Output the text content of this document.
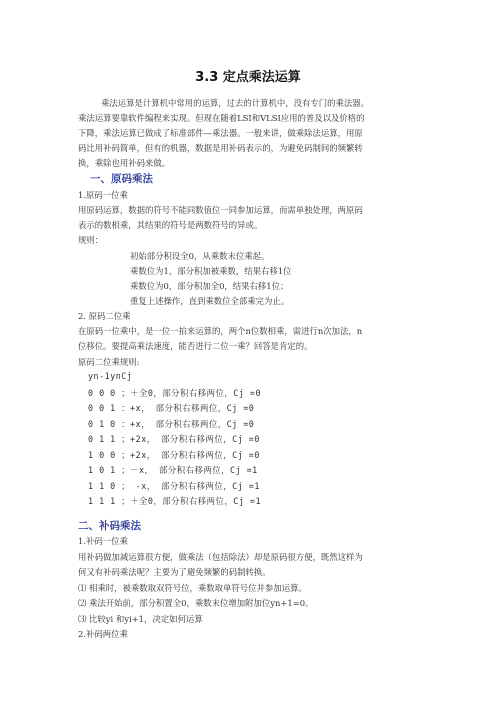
3.3 定点乘法运算
乘法运算是计算机中常用的运算，过去的计算机中，没有专门的乘法器。
乘法运算要靠软件编程来实现。但现在随着LSI和VLSI应用的普及以及价格的
下降，乘法运算已做成了标准部件—乘法器。一般来讲，做乘除法运算，用原
码比用补码简单，但有的机器，数据是用补码表示的，为避免码制间的频繁转
换，乘除也用补码来做。
一、原码乘法
1.原码一位乘
用原码运算，数据的符号不能同数值位一同参加运算，而需单独处理，两原码
表示的数相乘，其结果的符号是两数符号的异或。
规则：
初始部分积设全0，从乘数末位乘起。
乘数位为1，部分积加被乘数，结果右移1位
乘数位为0，部分积加全0，结果右移1位；
重复上述操作，直到乘数位全部乘完为止。
2. 原码二位乘
在原码一位乘中，是一位一拍来运算的，两个n位数相乘，需进行n次加法，n
位移位。要提高乘法速度，能否进行二位一乘？回答是肯定的。
原码二位乘规则:
yn-1ynCj
0 0 0 ；＋全0，部分积右移两位，Cj =0
0 0 1 ：+x， 部分积右移两位，Cj =0
0 1 0 ：+x， 部分积右移两位，Cj =0
0 1 1 ；+2x， 部分积右移两位，Cj =0
1 0 0 ；+2x， 部分积右移两位，Cj =0
1 0 1 ；－x， 部分积右移两位，Cj =1
1 1 0 ； -x， 部分积右移两位，Cj =1
1 1 1 ；＋全0，部分积右移两位，Cj =1
二、补码乘法
1.补码一位乘
用补码做加减运算很方便，做乘法（包括除法）却是原码很方便，既然这样为
何又有补码乘法呢？主要为了避免频繁的码制转换。
⑴ 相乘时，被乘数取双符号位，乘数取单符号位并参加运算。
⑵ 乘法开始前，部分积置全0，乘数末位增加附加位yn+1=0。
⑶ 比较yi 和yi+1，决定如何运算
2.补码两位乘
